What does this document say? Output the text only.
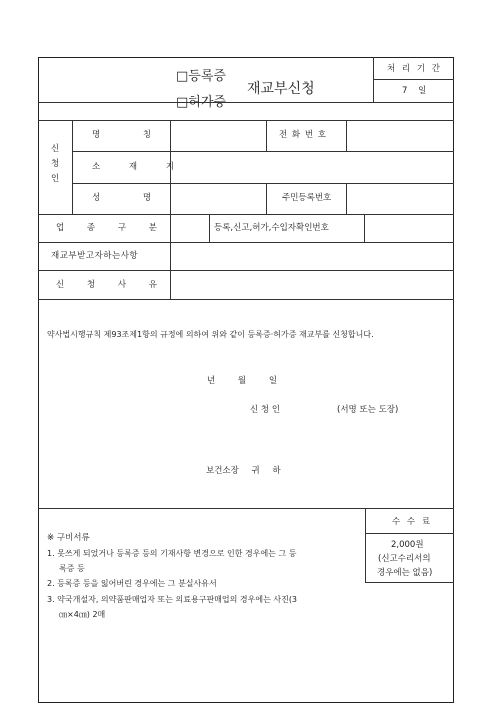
□등록증
□허가증
재교부신청
처 리 기 간
7 일
신
청
인
명 칭	전 화 번 호
소 재 지
성 명	주민등록번호
업 종 구 분	등록,신고,허가,수입자확인번호
재교부받고자하는사항
신 청 사 유
약사법시행규칙 제93조제1항의 규정에 의하여 위와 같이 등록증·허가증 재교부를 신청합니다.
년 월 일
신 청 인	(서명 또는 도장)
보건소장 귀 하
수 수 료
2,000원
(신고수리서의
경우에는 없음)
※ 구비서류
1. 못쓰게 되었거나 등록증 등의 기재사항 변경으로 인한 경우에는 그 등
록증 등
2. 등록증 등을 잃어버린 경우에는 그 분실사유서
3. 약국개설자, 의약품판매업자 또는 의료용구판매업의 경우에는 사진(3
㎝×4㎝) 2매
